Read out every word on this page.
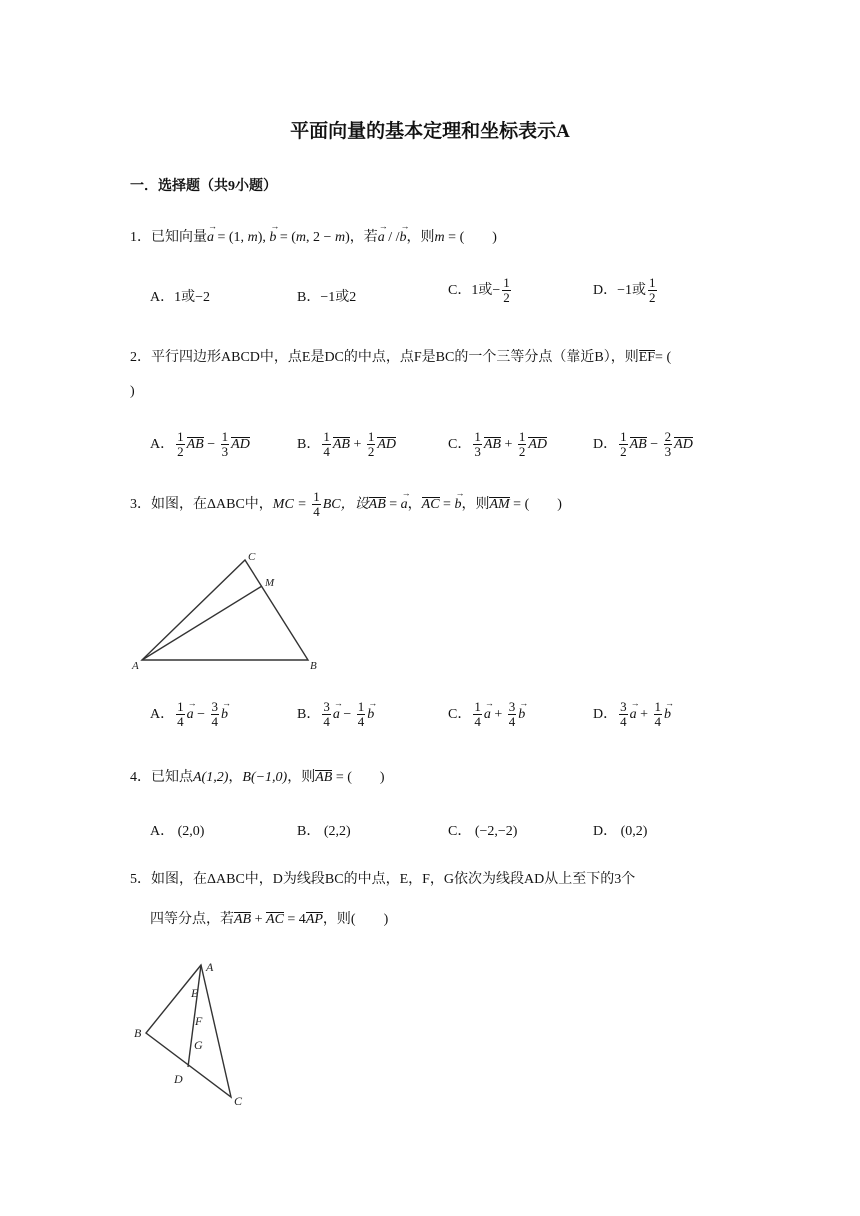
平面向量的基本定理和坐标表示A
一．选择题（共9小题）
1．已知向量→ a = (1, m), → b = (m, 2 − m)，若→ a / /→ b，则m = (　　)
A．1或−2	B．−1或2	C．1或− $\frac{1}{2}$	D．−1或 $\frac{1}{2}$
2．平行四边形ABCD中，点E是DC的中点，点F是BC的一个三等分点（靠近B），则EF= (
)
A． $\frac{1}{2}$ AB − $\frac{1}{3}$ AD	B． $\frac{1}{4}$ AB + $\frac{1}{2}$ AD	C． $\frac{1}{3}$ AB + $\frac{1}{2}$ AD	D． $\frac{1}{2}$ AB − $\frac{2}{3}$ AD
3．如图，在ΔABC中，MC = $\frac{1}{4}$ BC，设AB = → a，AC = → b，则AM = (　　)
C
M
A	B
A． $\frac{1}{4}$
→ $a - \frac{3}{4}$
→ b	B． $\frac{3}{4}$
→ $a - \frac{1}{4}$
→ b	C． $\frac{1}{4}$
→ $a + \frac{3}{4}$
→ b	D． $\frac{3}{4}$
→ $a + \frac{1}{4}$
→ b
4．已知点A(1,2)，B(−1,0)，则AB = (　　)
A． (2,0)	B． (2,2)	C． (−2,−2)	D． (0,2)
5．如图，在ΔABC中，D为线段BC的中点，E，F，G依次为线段AD从上至下的3个
四等分点，若AB + AC = 4AP，则(　　)
A
B
C
D
E
F
G
